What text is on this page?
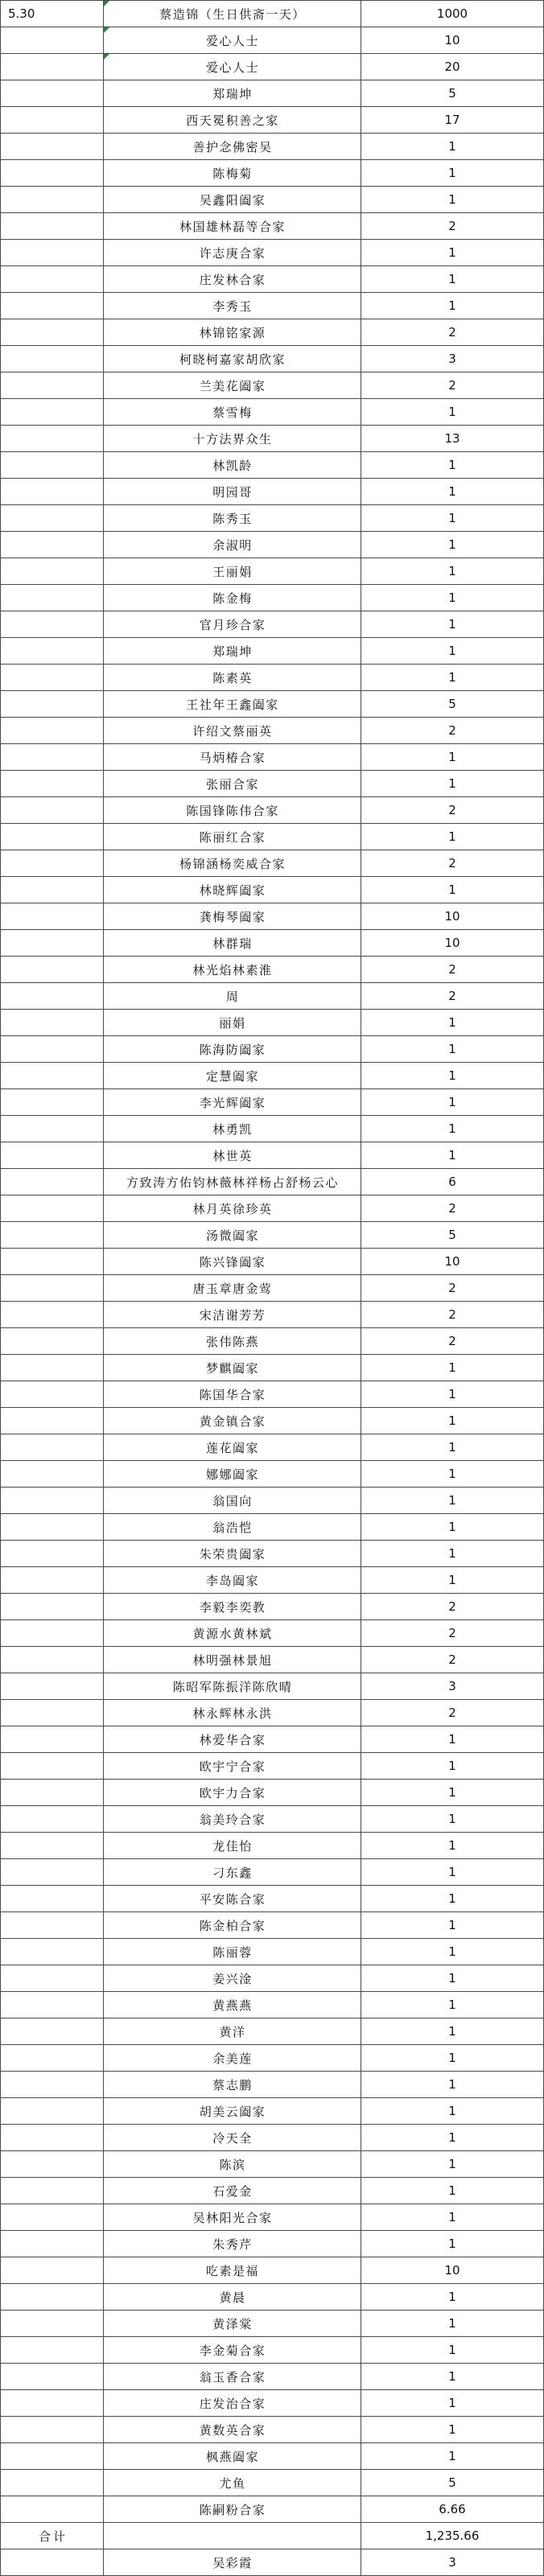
5.30	蔡造锦（生日供斋一天）	1000
爱心人士	10
爱心人士	20
郑瑞坤	5
西天冕积善之家	17
善护念佛密吴	1
陈梅菊	1
吴鑫阳阖家	1
林国雄林磊等合家	2
许志庚合家	1
庄发林合家	1
李秀玉	1
林锦铭家源	2
柯晓柯嘉家胡欣家	3
兰美花阖家	2
蔡雪梅	1
十方法界众生	13
林凯龄	1
明园哥	1
陈秀玉	1
余淑明	1
王丽娟	1
陈金梅	1
官月珍合家	1
郑瑞坤	1
陈素英	1
王社年王鑫阖家	5
许绍文蔡丽英	2
马炳椿合家	1
张丽合家	1
陈国锋陈伟合家	2
陈丽红合家	1
杨锦涵杨奕威合家	2
林晓辉阖家	1
龚梅琴阖家	10
林群瑞	10
林光焰林素淮	2
周	2
丽娟	1
陈海防阖家	1
定慧阖家	1
李光辉阖家	1
林勇凯	1
林世英	1
方致涛方佑钧林薇林祥杨占舒杨云心	6
林月英徐珍英	2
汤微阖家	5
陈兴锋阖家	10
唐玉章唐金莺	2
宋洁谢芳芳	2
张伟陈燕	2
梦麒阖家	1
陈国华合家	1
黄金镇合家	1
莲花阖家	1
娜娜阖家	1
翁国向	1
翁浩恺	1
朱荣贵阖家	1
李岛阖家	1
李毅李奕教	2
黄源水黄林斌	2
林明强林景旭	2
陈昭军陈振洋陈欣晴	3
林永辉林永洪	2
林爱华合家	1
欧宇宁合家	1
欧宇力合家	1
翁美玲合家	1
龙佳怡	1
刁东鑫	1
平安陈合家	1
陈金柏合家	1
陈丽蓉	1
姜兴淦	1
黄燕燕	1
黄洋	1
余美莲	1
蔡志鹏	1
胡美云阖家	1
冷天全	1
陈滨	1
石爱金	1
吴林阳光合家	1
朱秀芹	1
吃素是福	10
黄晨	1
黄泽棠	1
李金菊合家	1
翁玉香合家	1
庄发治合家	1
黄数英合家	1
枫燕阖家	1
尤鱼	5
陈嗣粉合家	6.66
合计	1,235.66
吴彩霞	3
